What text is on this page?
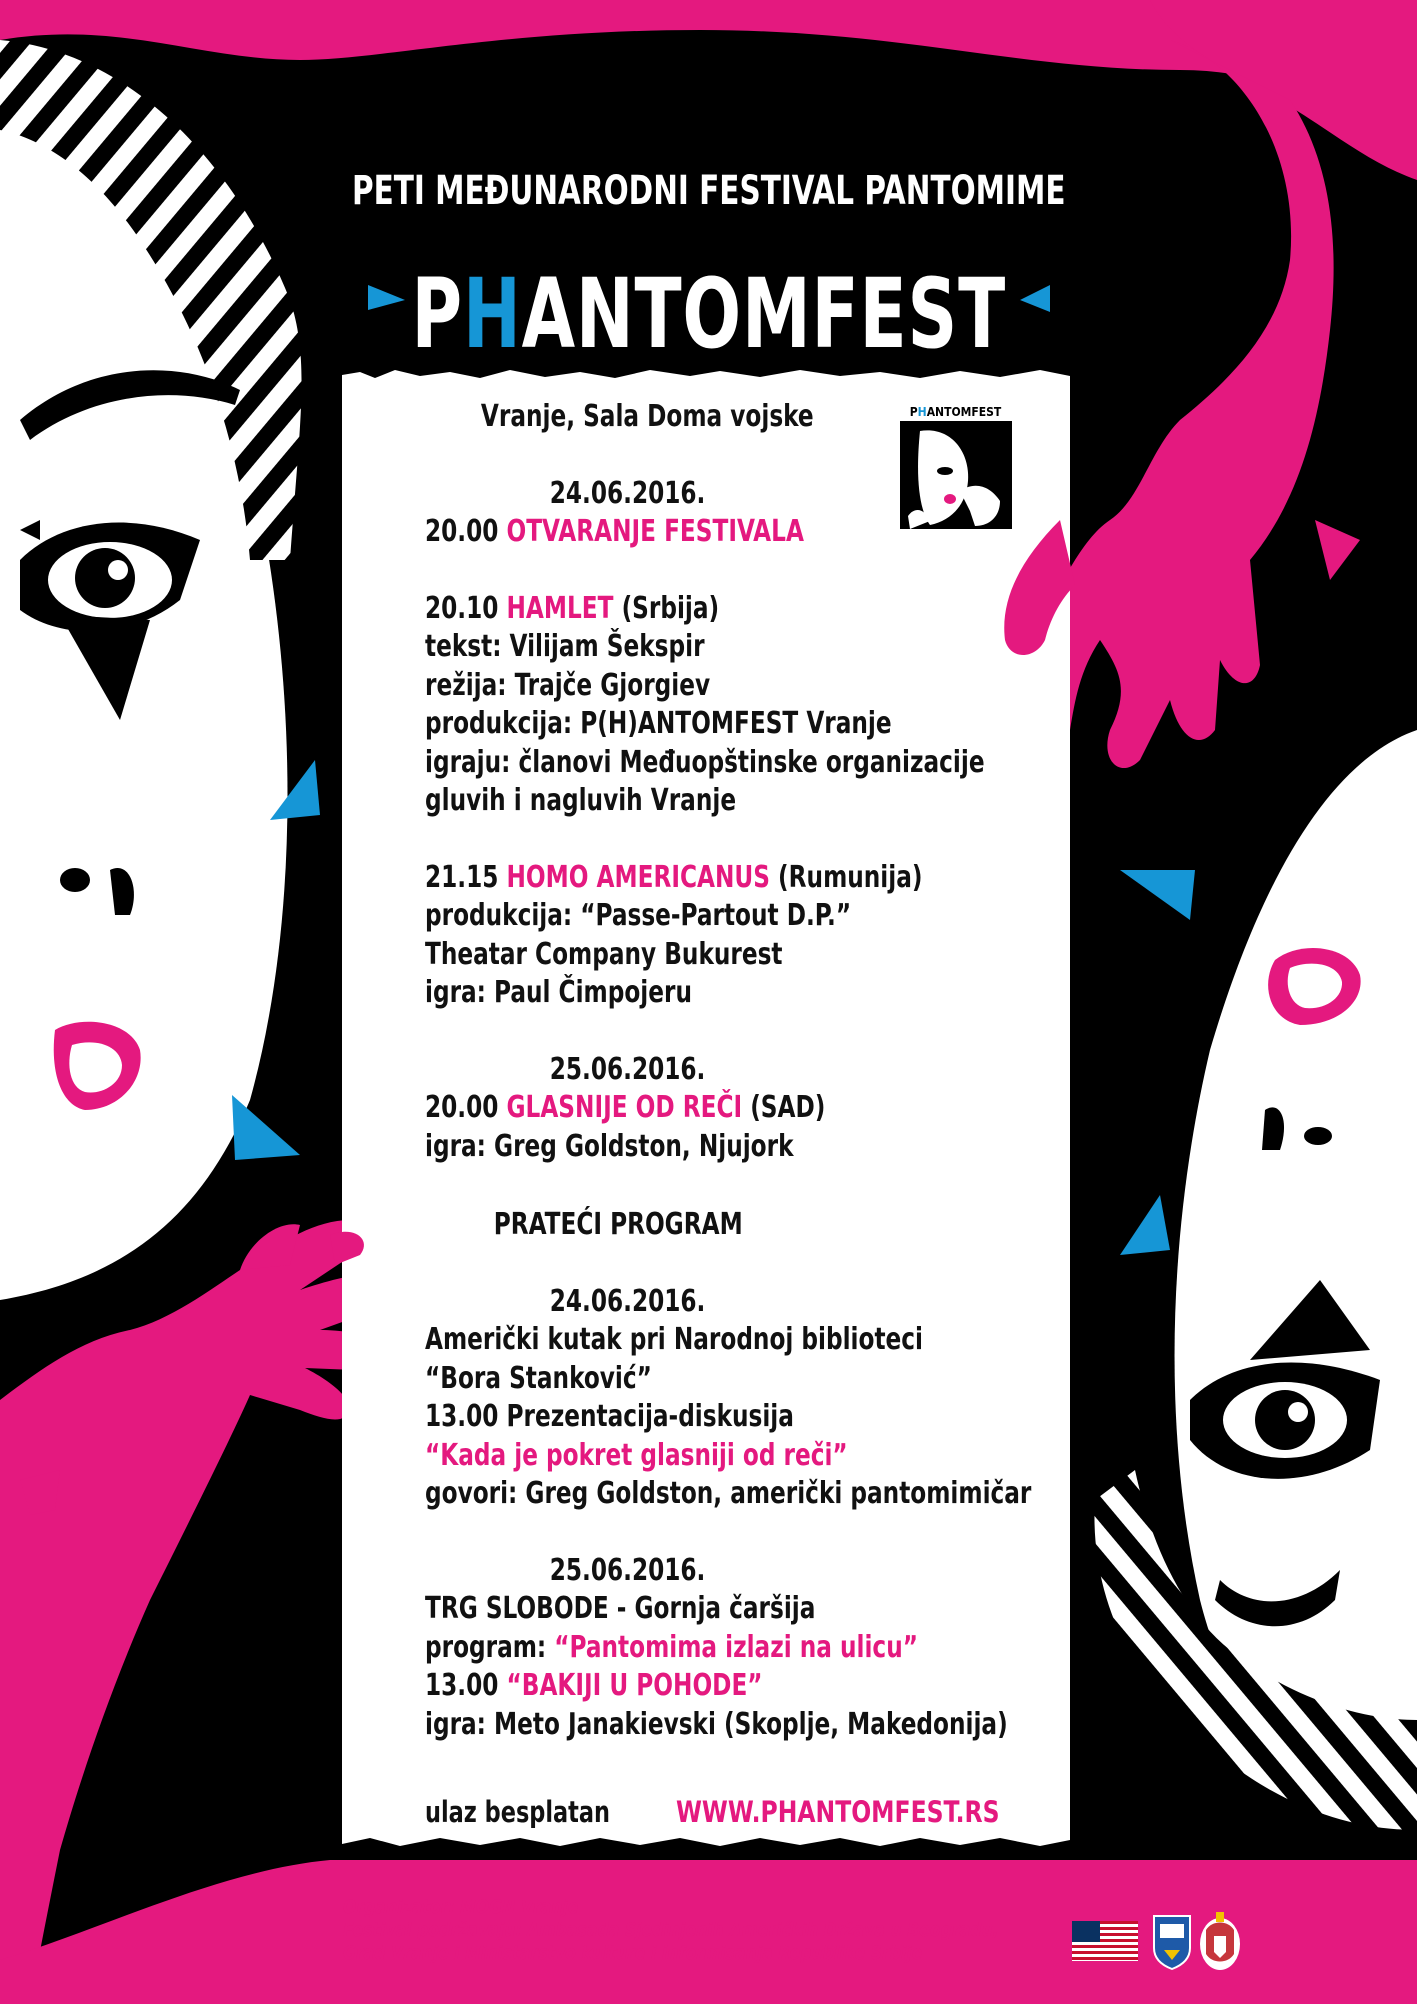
PETI MEĐUNARODNI FESTIVAL PANTOMIME
PHANTOMFEST
PHANTOMFEST

Vranje, Sala Doma vojske

24.06.2016.

20.00 OTVARANJE FESTIVALA

20.10 HAMLET (Srbija)

tekst: Vilijam Šekspir

režija: Trajče Gjorgiev

produkcija: P(H)ANTOMFEST Vranje

igraju: članovi Međuopštinske organizacije

gluvih i nagluvih Vranje

21.15 HOMO AMERICANUS (Rumunija)

produkcija: “Passe-Partout D.P.”

Theatar Company Bukurest

igra: Paul Čimpojeru

25.06.2016.

20.00 GLASNIJE OD REČI (SAD)

igra: Greg Goldston, Njujork

PRATEĆI PROGRAM

24.06.2016.

Američki kutak pri Narodnoj biblioteci

“Bora Stanković”

13.00 Prezentacija-diskusija

“Kada je pokret glasniji od reči”

govori: Greg Goldston, američki pantomimičar

25.06.2016.

TRG SLOBODE - Gornja čaršija

program: “Pantomima izlazi na ulicu”

13.00 “BAKIJI U POHODE”

igra: Meto Janakievski (Skoplje, Makedonija)

ulaz besplatan WWW.PHANTOMFEST.RS

Organizator: MOGN Vranje

Festival podržavaju: Ambasada Sjedinjenih Američkih Država u Beogradu,

Grad Vranje i Ministarstvo kulture i informisanja Republike Srbije
